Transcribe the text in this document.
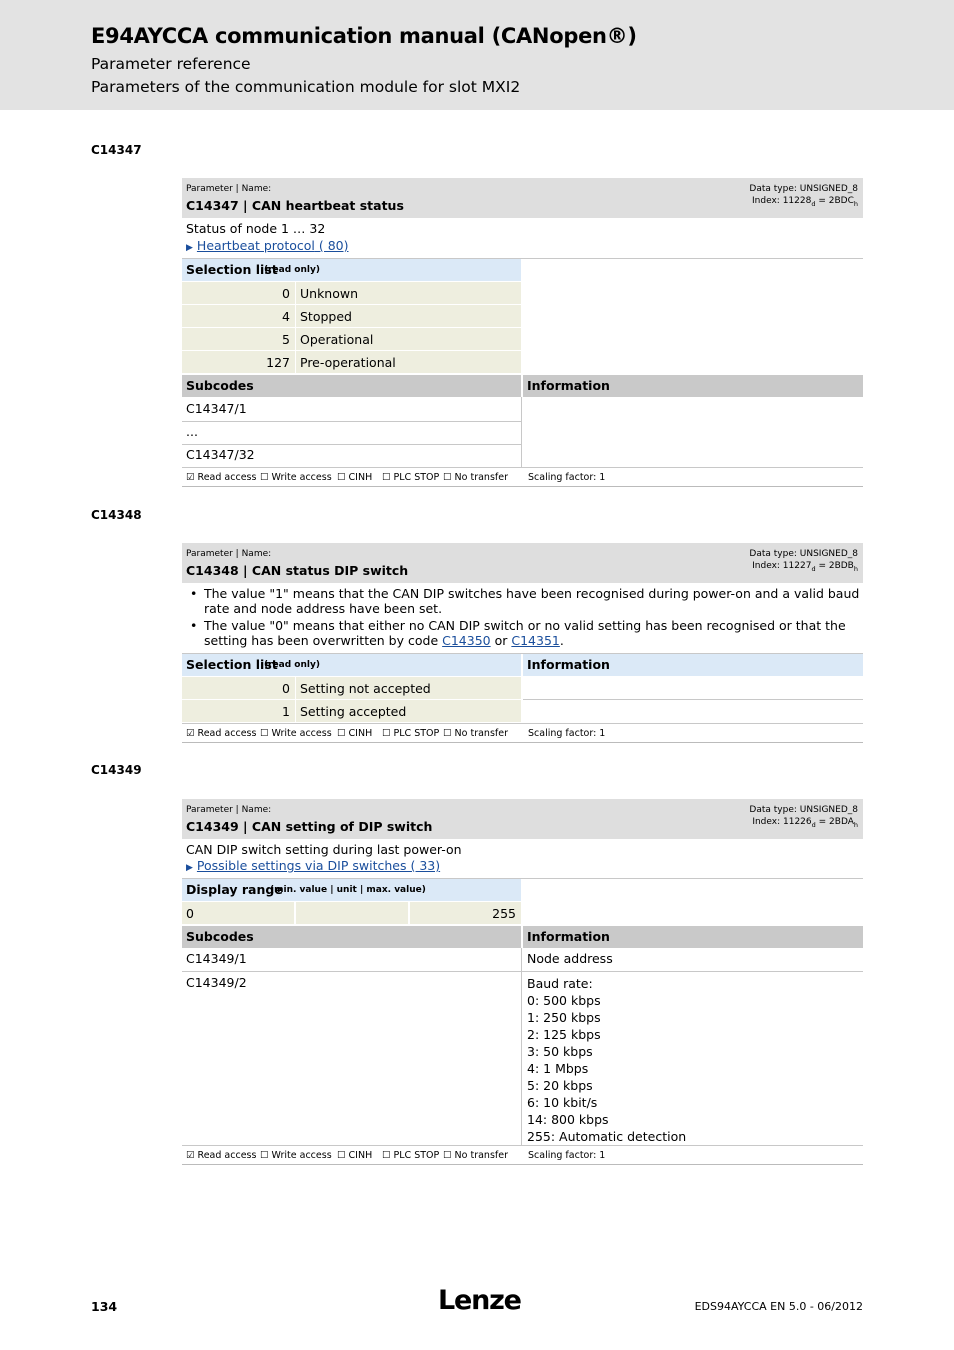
E94AYCCA communication manual (CANopen®)
Parameter reference
Parameters of the communication module for slot MXI2
C14347
Parameter | Name:
C14347 | CAN heartbeat status
Data type: UNSIGNED_8
Index: $11228_d = 2BDC_h$
Status of node 1 … 32
▶ Heartbeat protocol ( 80)
Selection list
(read only)
0 Unknown
4 Stopped
5 Operational
127 Pre-operational
Subcodes	Information
C14347/1
...
C14347/32
☑ Read access ☐ Write access ☐ CINH ☐ PLC STOP ☐ No transfer Scaling factor: 1
C14348
Parameter | Name:
C14348 | CAN status DIP switch
Data type: UNSIGNED_8
Index: $11227_d = 2BDB_h$
• The value "1" means that the CAN DIP switches have been recognised during power-on and a valid baud rate and node address have been set.
• The value "0" means that either no CAN DIP switch or no valid setting has been recognised or that the setting has been overwritten by code C14350 or C14351.
Selection list
(read only)	Information
0 Setting not accepted
1 Setting accepted
☑ Read access ☐ Write access ☐ CINH ☐ PLC STOP ☐ No transfer Scaling factor: 1
C14349
Parameter | Name:
C14349 | CAN setting of DIP switch
Data type: UNSIGNED_8
Index: $11226_d = 2BDA_h$
CAN DIP switch setting during last power-on
▶ Possible settings via DIP switches ( 33)
Display range
(min. value | unit | max. value)
0	255
Subcodes	Information
C14349/1	Node address
C14349/2	Baud rate:
0: 500 kbps
1: 250 kbps
2: 125 kbps
3: 50 kbps
4: 1 Mbps
5: 20 kbps
6: 10 kbit/s
14: 800 kbps
255: Automatic detection
☑ Read access ☐ Write access ☐ CINH ☐ PLC STOP ☐ No transfer Scaling factor: 1
134	Lenze	EDS94AYCCA EN 5.0 - 06/2012
